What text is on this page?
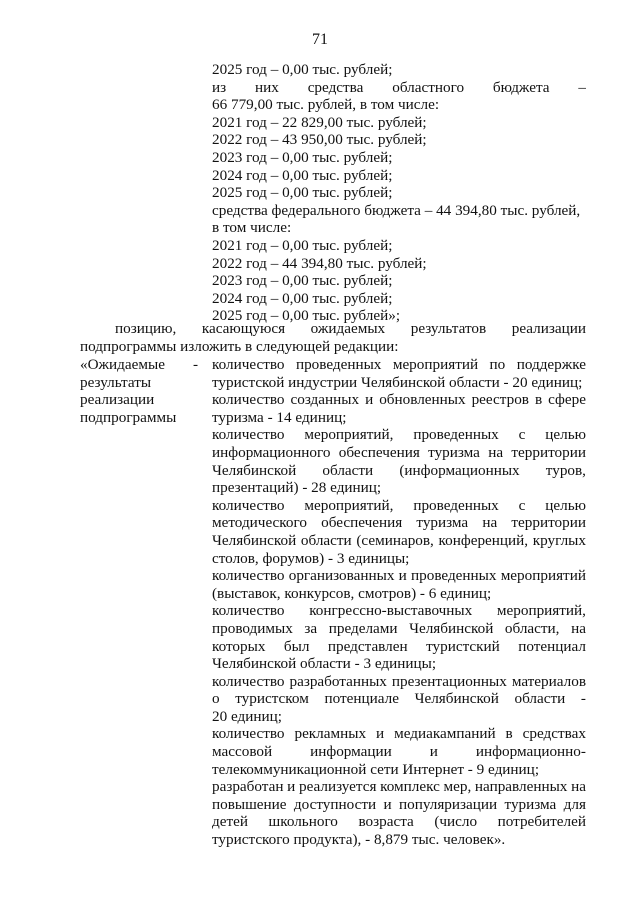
71
2025 год – 0,00 тыс. рублей;
из них средства областного бюджета –
66 779,00 тыс. рублей, в том числе:
2021 год – 22 829,00 тыс. рублей;
2022 год – 43 950,00 тыс. рублей;
2023 год – 0,00 тыс. рублей;
2024 год – 0,00 тыс. рублей;
2025 год – 0,00 тыс. рублей;
средства федерального бюджета – 44 394,80 тыс. рублей,
в том числе:
2021 год – 0,00 тыс. рублей;
2022 год – 44 394,80 тыс. рублей;
2023 год – 0,00 тыс. рублей;
2024 год – 0,00 тыс. рублей;
2025 год – 0,00 тыс. рублей»;
позицию, касающуюся ожидаемых результатов реализации
подпрограммы изложить в следующей редакции:
«Ожидаемые
результаты
реализации
подпрограммы
- количество проведенных мероприятий по поддержке
туристской индустрии Челябинской области - 20 единиц;
количество созданных и обновленных реестров в сфере
туризма - 14 единиц;
количество мероприятий, проведенных с целью
информационного обеспечения туризма на территории
Челябинской области (информационных туров,
презентаций) - 28 единиц;
количество мероприятий, проведенных с целью
методического обеспечения туризма на территории
Челябинской области (семинаров, конференций, круглых
столов, форумов) - 3 единицы;
количество организованных и проведенных мероприятий
(выставок, конкурсов, смотров) - 6 единиц;
количество конгрессно-выставочных мероприятий,
проводимых за пределами Челябинской области, на
которых был представлен туристский потенциал
Челябинской области - 3 единицы;
количество разработанных презентационных материалов
о туристском потенциале Челябинской области -
20 единиц;
количество рекламных и медиакампаний в средствах
массовой информации и информационно-
телекоммуникационной сети Интернет - 9 единиц;
разработан и реализуется комплекс мер, направленных на
повышение доступности и популяризации туризма для
детей школьного возраста (число потребителей
туристского продукта), - 8,879 тыс. человек».
